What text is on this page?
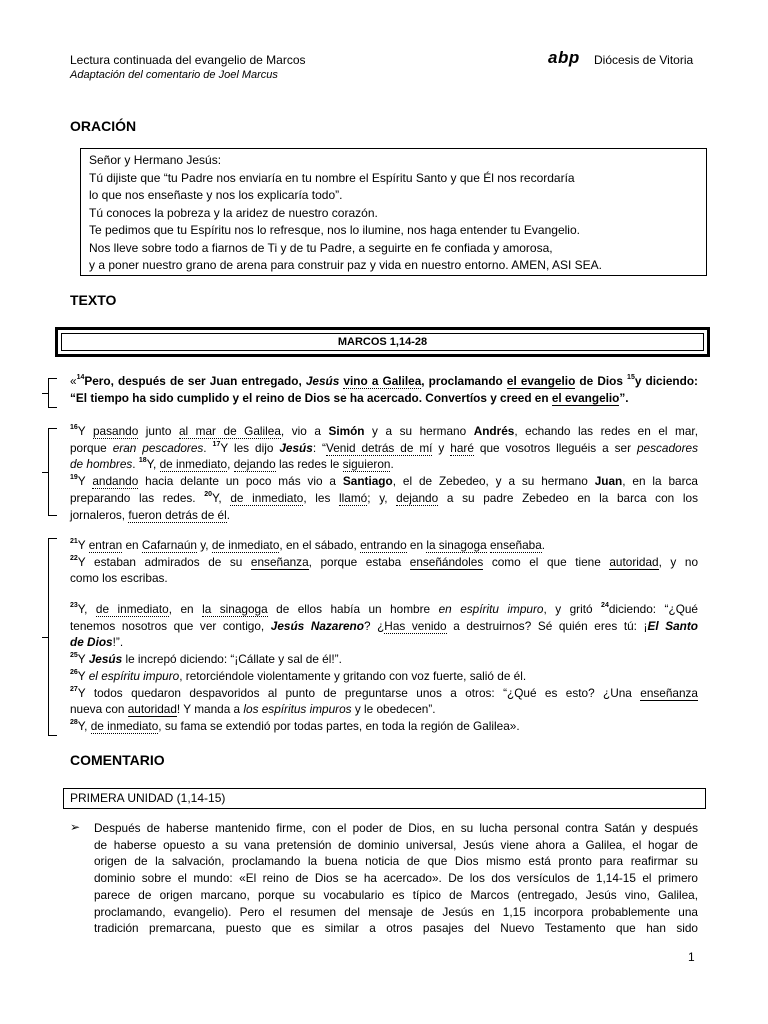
Lectura continuada del evangelio de Marcos
Adaptación del comentario de Joel Marcus
abp Diócesis de Vitoria
ORACIÓN
Señor y Hermano Jesús:
Tú dijiste que “tu Padre nos enviaría en tu nombre el Espíritu Santo y que Él nos recordaría
lo que nos enseñaste y nos los explicaría todo”.
Tú conoces la pobreza y la aridez de nuestro corazón.
Te pedimos que tu Espíritu nos lo refresque, nos lo ilumine, nos haga entender tu Evangelio.
Nos lleve sobre todo a fiarnos de Ti y de tu Padre, a seguirte en fe confiada y amorosa,
y a poner nuestro grano de arena para construir paz y vida en nuestro entorno. AMEN, ASI SEA.
TEXTO
MARCOS 1,14-28
«$^{14}$Pero, después de ser Juan entregado, Jesús vino a Galilea, proclamando el evangelio de Dios $^{15}$y diciendo:
“El tiempo ha sido cumplido y el reino de Dios se ha acercado. Convertíos y creed en el evangelio”.
$^{16}$Y pasando junto al mar de Galilea, vio a Simón y a su hermano Andrés, echando las redes en el mar,
porque eran pescadores. $^{17}$Y les dijo Jesús: “Venid detrás de mí y haré que vosotros lleguéis a ser pescadores
de hombres. $^{18}$Y, de inmediato, dejando las redes le siguieron.
$^{19}$Y andando hacia delante un poco más vio a Santiago, el de Zebedeo, y a su hermano Juan, en la barca
preparando las redes. $^{20}$Y, de inmediato, les llamó; y, dejando a su padre Zebedeo en la barca con los
jornaleros, fueron detrás de él.
$^{21}$Y entran en Cafarnaún y, de inmediato, en el sábado, entrando en la sinagoga enseñaba.
$^{22}$Y estaban admirados de su enseñanza, porque estaba enseñándoles como el que tiene autoridad, y no
como los escribas.
$^{23}$Y, de inmediato, en la sinagoga de ellos había un hombre en espíritu impuro, y gritó $^{24}$diciendo: “¿Qué
tenemos nosotros que ver contigo, Jesús Nazareno? ¿Has venido a destruirnos? Sé quién eres tú: ¡El Santo
de Dios!”.
$^{25}$Y Jesús le increpó diciendo: “¡Cállate y sal de él!”.
$^{26}$Y el espíritu impuro, retorciéndole violentamente y gritando con voz fuerte, salió de él.
$^{27}$Y todos quedaron despavoridos al punto de preguntarse unos a otros: “¿Qué es esto? ¿Una enseñanza
nueva con autoridad! Y manda a los espíritus impuros y le obedecen”.
$^{28}$Y, de inmediato, su fama se extendió por todas partes, en toda la región de Galilea».
COMENTARIO
PRIMERA UNIDAD (1,14-15)
➢ Después de haberse mantenido firme, con el poder de Dios, en su lucha personal contra Satán y después
de haberse opuesto a su vana pretensión de dominio universal, Jesús viene ahora a Galilea, el hogar de
origen de la salvación, proclamando la buena noticia de que Dios mismo está pronto para reafirmar su
dominio sobre el mundo: «El reino de Dios se ha acercado». De los dos versículos de 1,14-15 el primero
parece de origen marcano, porque su vocabulario es típico de Marcos (entregado, Jesús vino, Galilea,
proclamando, evangelio). Pero el resumen del mensaje de Jesús en 1,15 incorpora probablemente una
tradición premarcana, puesto que es similar a otros pasajes del Nuevo Testamento que han sido
1
